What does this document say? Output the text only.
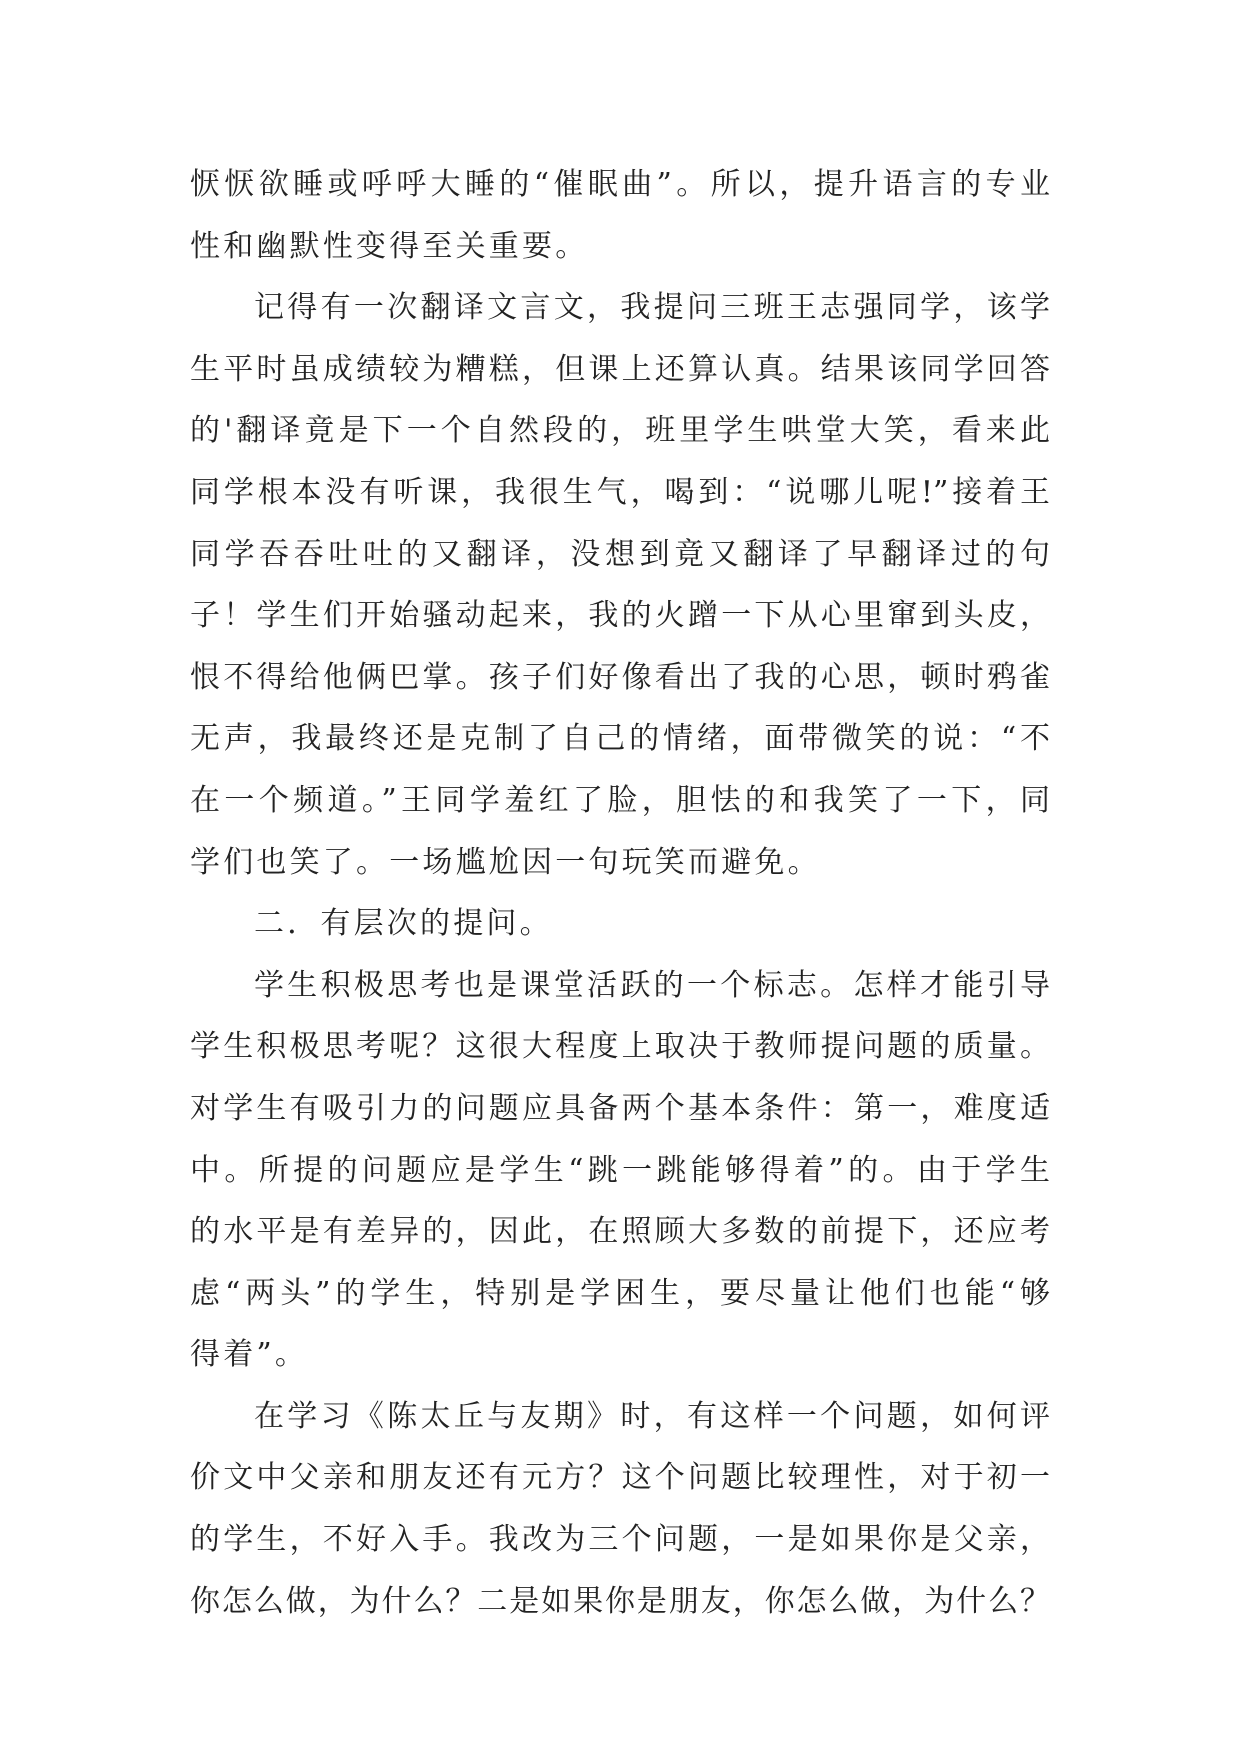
恹恹欲睡或呼呼大睡的“催眠曲”。所以，提升语言的专业
性和幽默性变得至关重要。
记得有一次翻译文言文，我提问三班王志强同学，该学
生平时虽成绩较为糟糕，但课上还算认真。结果该同学回答
的'翻译竟是下一个自然段的，班里学生哄堂大笑，看来此
同学根本没有听课，我很生气，喝到：“说哪儿呢!”接着王
同学吞吞吐吐的又翻译，没想到竟又翻译了早翻译过的句
子！学生们开始骚动起来，我的火蹭一下从心里窜到头皮，
恨不得给他俩巴掌。孩子们好像看出了我的心思，顿时鸦雀
无声，我最终还是克制了自己的情绪，面带微笑的说：“不
在一个频道。”王同学羞红了脸，胆怯的和我笑了一下，同
学们也笑了。一场尴尬因一句玩笑而避免。
二．有层次的提问。
学生积极思考也是课堂活跃的一个标志。怎样才能引导
学生积极思考呢？这很大程度上取决于教师提问题的质量。
对学生有吸引力的问题应具备两个基本条件：第一，难度适
中。所提的问题应是学生“跳一跳能够得着”的。由于学生
的水平是有差异的，因此，在照顾大多数的前提下，还应考
虑“两头”的学生，特别是学困生，要尽量让他们也能“够
得着”。
在学习《陈太丘与友期》时，有这样一个问题，如何评
价文中父亲和朋友还有元方？这个问题比较理性，对于初一
的学生，不好入手。我改为三个问题，一是如果你是父亲，
你怎么做，为什么？二是如果你是朋友，你怎么做，为什么？
